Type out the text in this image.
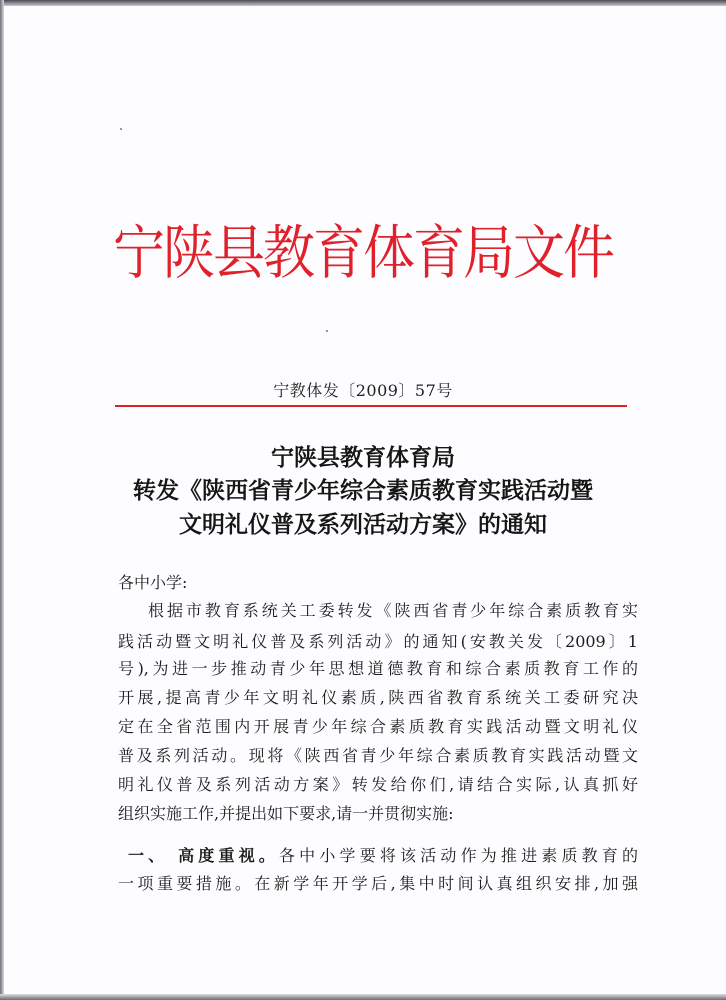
宁陕县教育体育局文件
宁教体发〔2009〕57号
宁陕县教育体育局
转发《陕西省青少年综合素质教育实践活动暨
文明礼仪普及系列活动方案》的通知
各中小学:
根据市教育系统关工委转发《陕西省青少年综合素质教育实
践活动暨文明礼仪普及系列活动》的通知(安教关发〔2009〕1
号),为进一步推动青少年思想道德教育和综合素质教育工作的
开展,提高青少年文明礼仪素质,陕西省教育系统关工委研究决
定在全省范围内开展青少年综合素质教育实践活动暨文明礼仪
普及系列活动。现将《陕西省青少年综合素质教育实践活动暨文
明礼仪普及系列活动方案》转发给你们,请结合实际,认真抓好
组织实施工作,并提出如下要求,请一并贯彻实施:
一、 高度重视。各中小学要将该活动作为推进素质教育的
一项重要措施。在新学年开学后,集中时间认真组织安排,加强
